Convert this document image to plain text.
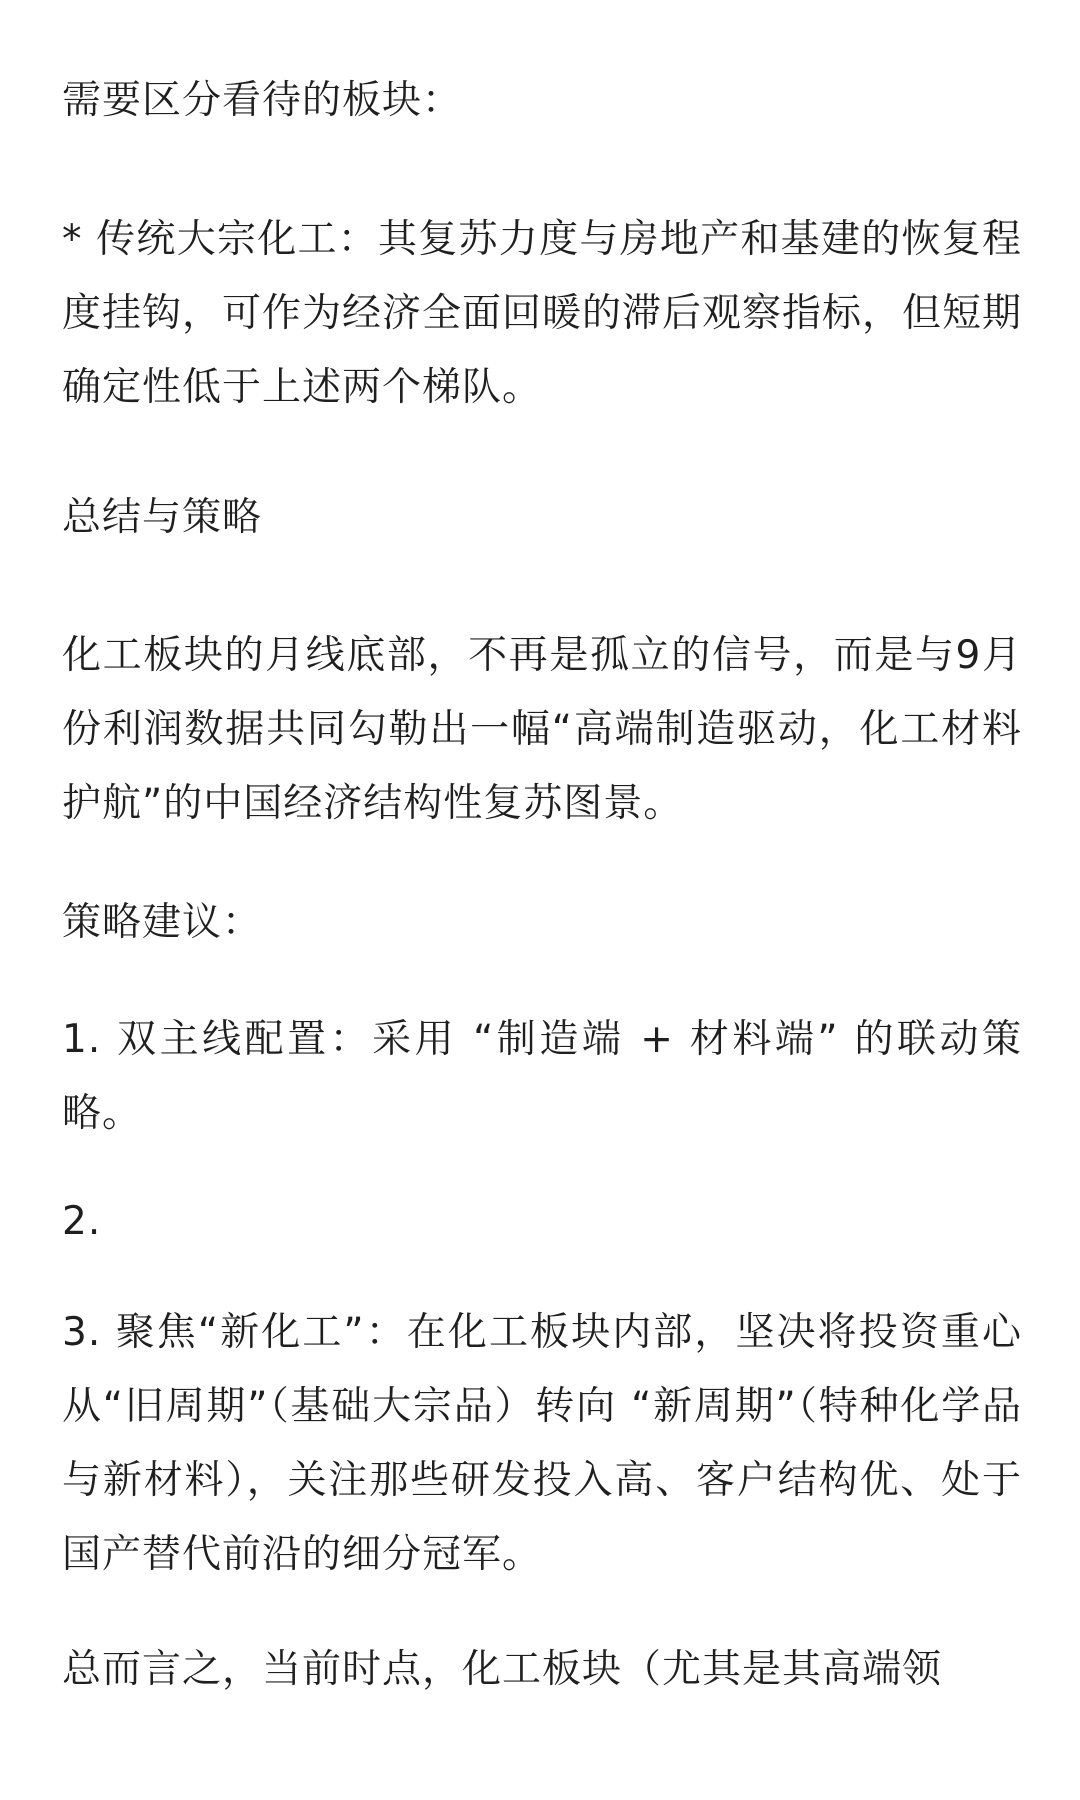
需要区分看待的板块：

* 传统大宗化工：其复苏力度与房地产和基建的恢复程度挂钩，可作为经济全面回暖的滞后观察指标，但短期确定性低于上述两个梯队。

总结与策略

化工板块的月线底部，不再是孤立的信号，而是与9月份利润数据共同勾勒出一幅“高端制造驱动，化工材料护航”的中国经济结构性复苏图景。

策略建议：

1. 双主线配置：采用 “制造端 + 材料端” 的联动策略。

2.

3. 聚焦“新化工”：在化工板块内部，坚决将投资重心从“旧周期”（基础大宗品）转向 “新周期”（特种化学品与新材料），关注那些研发投入高、客户结构优、处于国产替代前沿的细分冠军。

总而言之，当前时点，化工板块（尤其是其高端领
